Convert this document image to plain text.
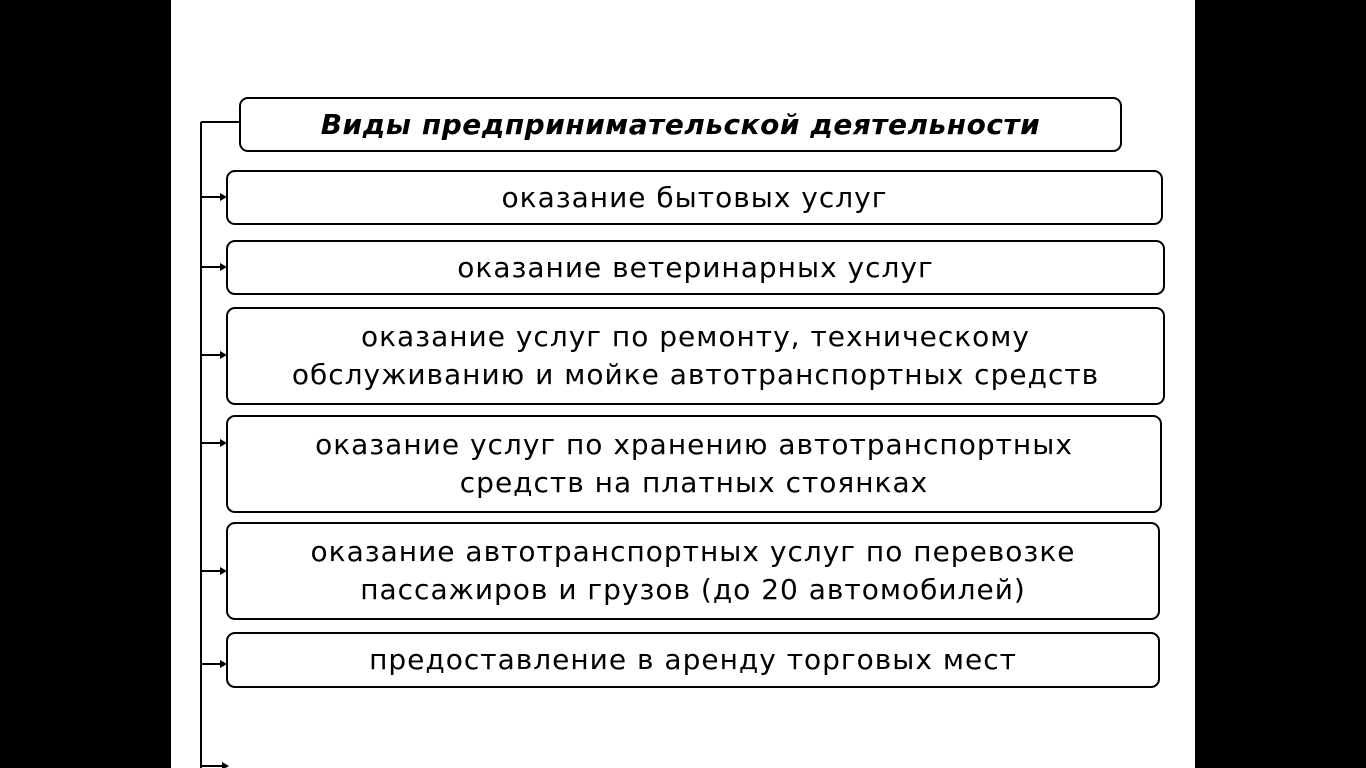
Виды предпринимательской деятельности
оказание бытовых услуг
оказание ветеринарных услуг
оказание услуг по ремонту, техническому
обслуживанию и мойке автотранспортных средств
оказание услуг по хранению автотранспортных
средств на платных стоянках
оказание автотранспортных услуг по перевозке
пассажиров и грузов (до 20 автомобилей)
предоставление в аренду торговых мест
